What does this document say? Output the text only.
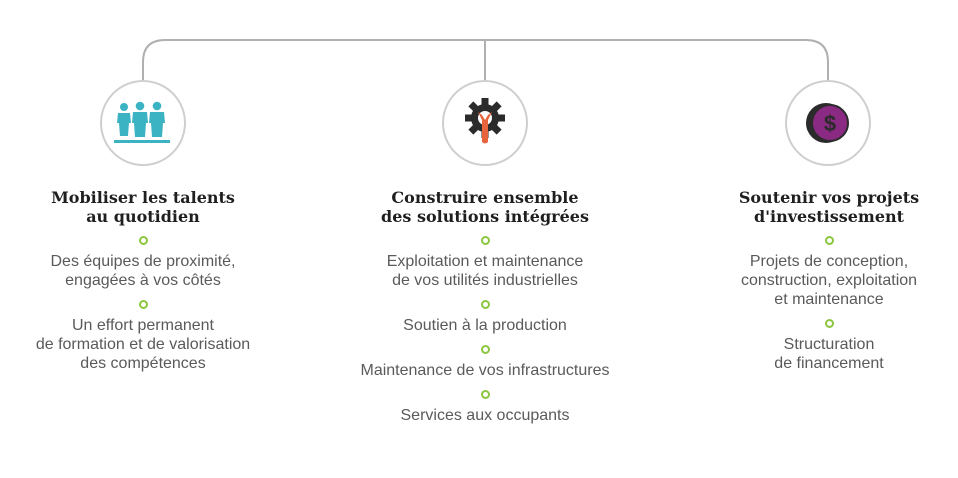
$
Mobiliser les talents
au quotidien
Des équipes de proximité,
engagées à vos côtés
Un effort permanent
de formation et de valorisation
des compétences
Construire ensemble
des solutions intégrées
Exploitation et maintenance
de vos utilités industrielles
Soutien à la production
Maintenance de vos infrastructures
Services aux occupants
Soutenir vos projets
d'investissement
Projets de conception,
construction, exploitation
et maintenance
Structuration
de financement
